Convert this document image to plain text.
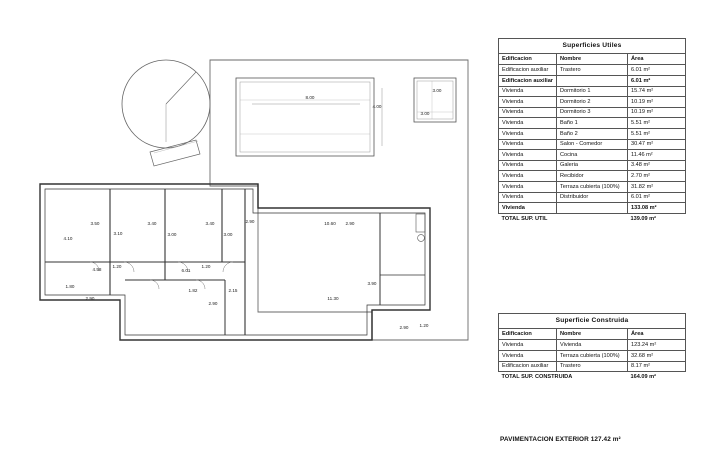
8.00
4.00
3.00
3.00
3.50
4.10
3.10
3.40
3.00
3.40
3.00
2.90	10.60 2.90
4.58
1.20
6.01
1.20
1.80
2.90
1.82
2.90
2.15
11.30
3.90
2.90 1.20
Superficies Utiles		
Edificacion	Nombre	Área
Edificacion auxiliar	Trastero	6.01 m²
Edificacion auxiliar		6.01 m²
Vivienda	Dormitorio 1	15.74 m²
Vivienda	Dormitorio 2	10.19 m²
Vivienda	Dormitorio 3	10.19 m²
Vivienda	Baño 1	5.51 m²
Vivienda	Baño 2	5.51 m²
Vivienda	Salon - Comedor	30.47 m²
Vivienda	Cocina	11.46 m²
Vivienda	Galeria	3.48 m²
Vivienda	Recibidor	2.70 m²
Vivienda	Terraza cubierta (100%)	31.82 m²
Vivienda	Distribuidor	6.01 m²
Vivienda		133.08 m²
TOTAL SUP. UTIL		139.09 m²
Superficie Construida		
Edificacion	Nombre	Área
Vivienda	Vivienda	123.24 m²
Vivienda	Terraza cubierta (100%)	32.68 m²
Edificacion auxiliar	Trastero	8.17 m²
TOTAL SUP. CONSTRUIDA		164.09 m²
PAVIMENTACION EXTERIOR 127.42 m²
